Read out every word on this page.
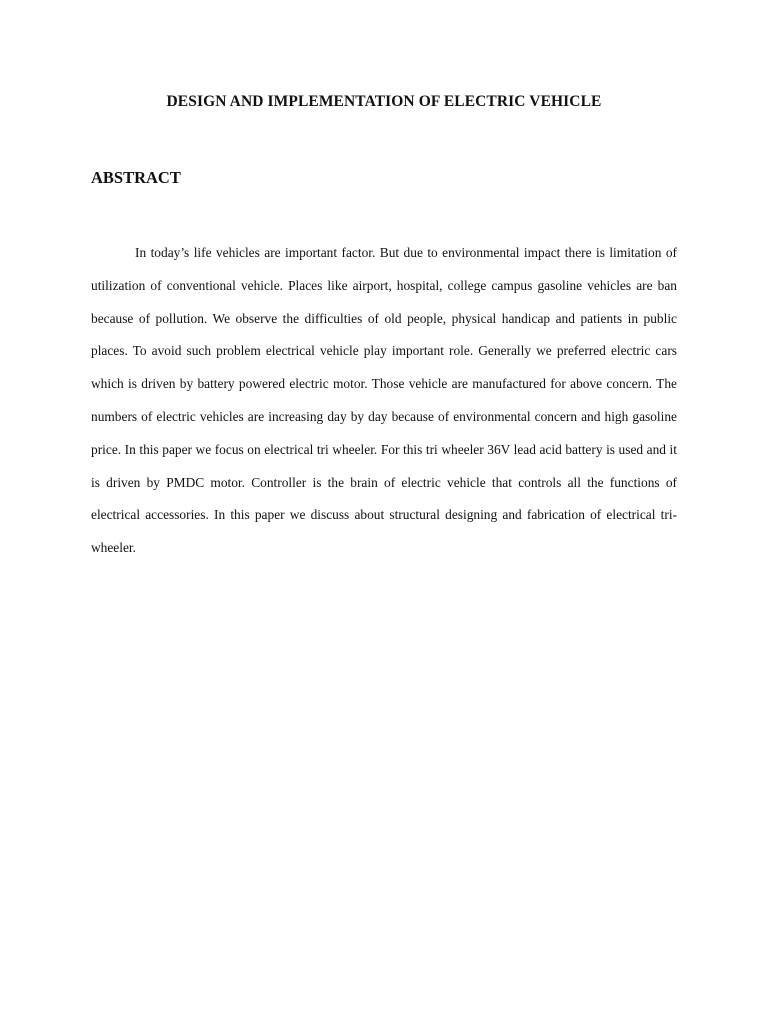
DESIGN AND IMPLEMENTATION OF ELECTRIC VEHICLE
ABSTRACT

In today’s life vehicles are important factor. But due to environmental impact there is limitation of utilization of conventional vehicle. Places like airport, hospital, college campus gasoline vehicles are ban because of pollution. We observe the difficulties of old people, physical handicap and patients in public places. To avoid such problem electrical vehicle play important role. Generally we preferred electric cars which is driven by battery powered electric motor. Those vehicle are manufactured for above concern. The numbers of electric vehicles are increasing day by day because of environmental concern and high gasoline price. In this paper we focus on electrical tri wheeler. For this tri wheeler 36V lead acid battery is used and it is driven by PMDC motor. Controller is the brain of electric vehicle that controls all the functions of electrical accessories. In this paper we discuss about structural designing and fabrication of electrical tri-wheeler.
